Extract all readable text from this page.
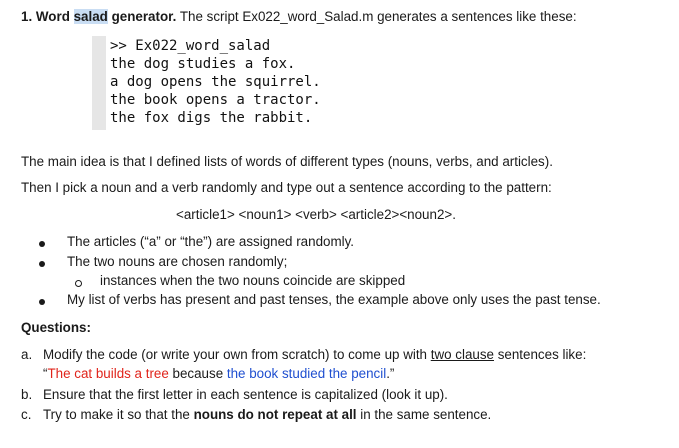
1. Word salad generator. The script Ex022_word_Salad.m generates a sentences like these:
>> Ex022_word_salad
the dog studies a fox.
a dog opens the squirrel.
the book opens a tractor.
the fox digs the rabbit.
The main idea is that I defined lists of words of different types (nouns, verbs, and articles).
Then I pick a noun and a verb randomly and type out a sentence according to the pattern:
<article1> <noun1> <verb> <article2><noun2>.
The articles (“a” or “the”) are assigned randomly.
The two nouns are chosen randomly;
instances when the two nouns coincide are skipped
My list of verbs has present and past tenses, the example above only uses the past tense.
Questions:
a. Modify the code (or write your own from scratch) to come up with two clause sentences like:
“The cat builds a tree because the book studied the pencil.”
b. Ensure that the first letter in each sentence is capitalized (look it up).
c. Try to make it so that the nouns do not repeat at all in the same sentence.
